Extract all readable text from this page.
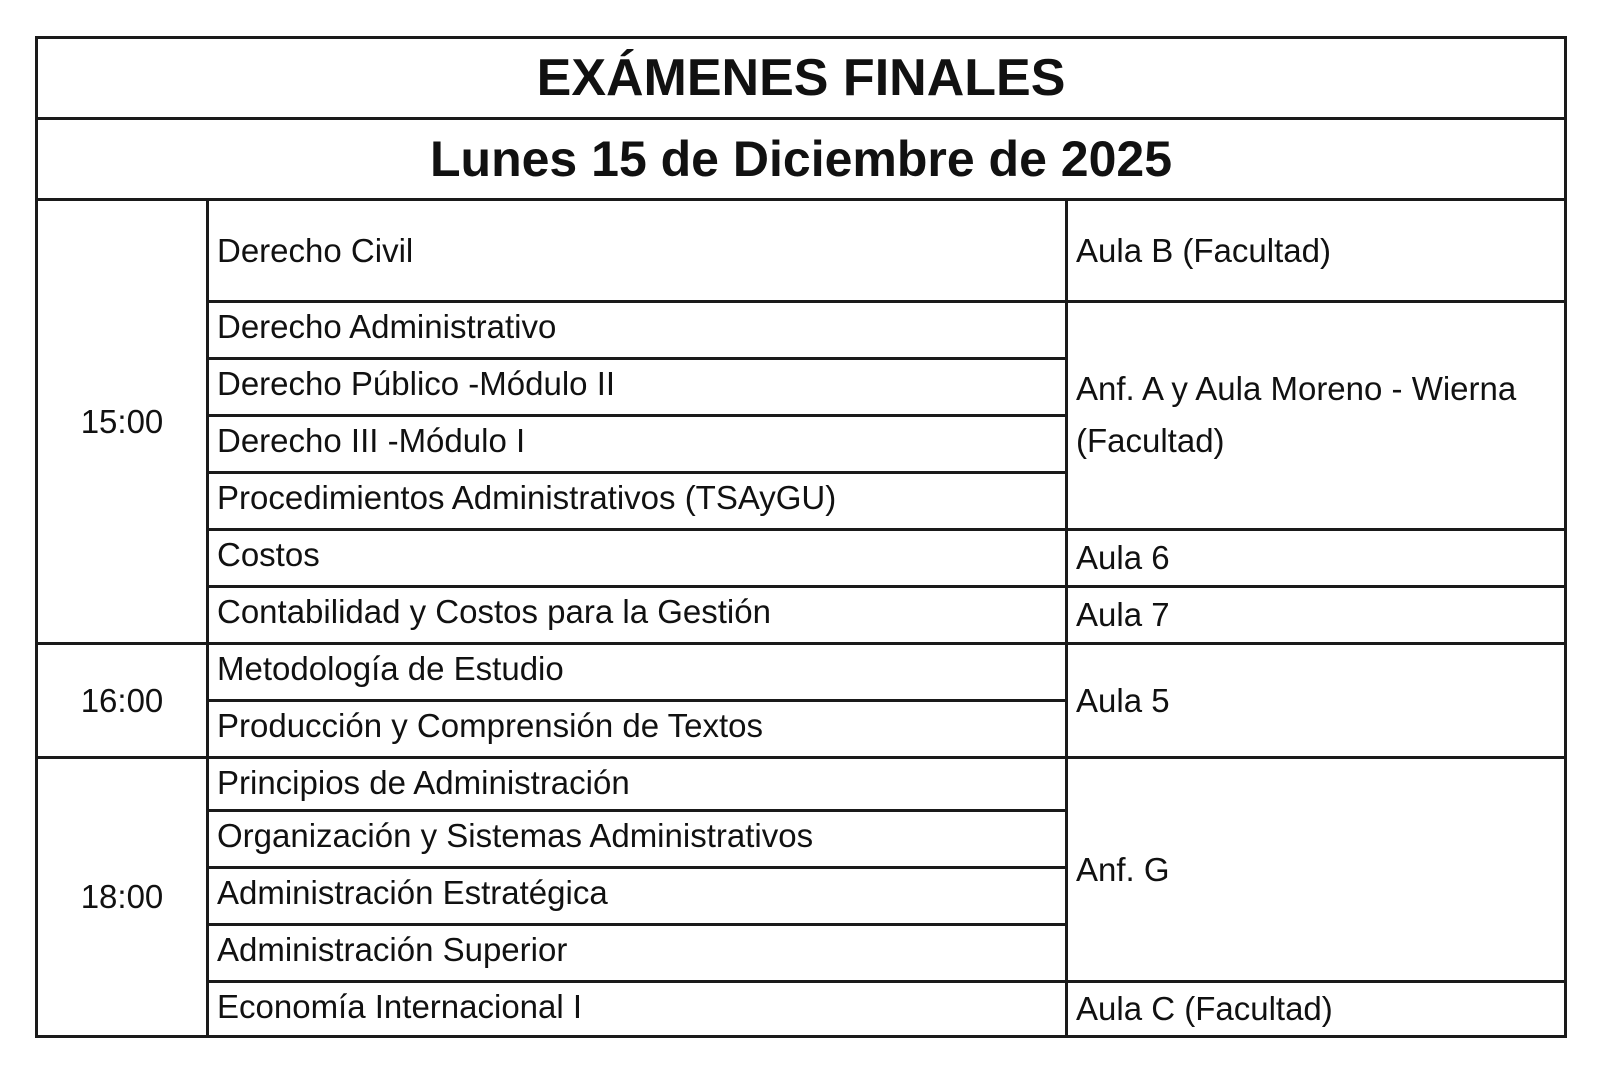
EXÁMENES FINALES		
Lunes 15 de Diciembre de 2025		
15:00	Derecho Civil	Aula B (Facultad)
	Derecho Administrativo	Anf. A y Aula Moreno - Wierna (Facultad)
	Derecho Público -Módulo II	
	Derecho III -Módulo I	
	Procedimientos Administrativos (TSAyGU)	
	Costos	Aula 6
	Contabilidad y Costos para la Gestión	Aula 7
16:00	Metodología de Estudio	Aula 5
	Producción y Comprensión de Textos	
18:00	Principios de Administración	Anf. G
	Organización y Sistemas Administrativos	
	Administración Estratégica	
	Administración Superior	
	Economía Internacional I	Aula C (Facultad)
